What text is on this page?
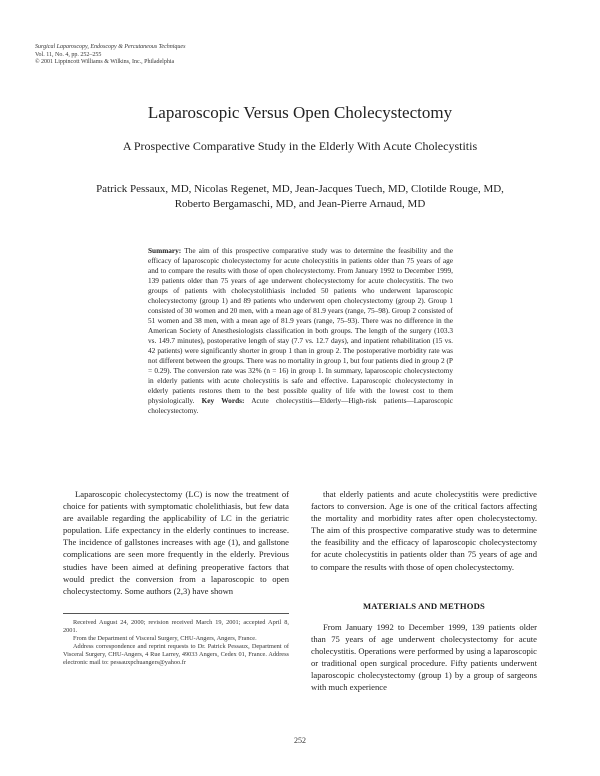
Surgical Laparoscopy, Endoscopy & Percutaneous Techniques
Vol. 11, No. 4, pp. 252–255
© 2001 Lippincott Williams & Wilkins, Inc., Philadelphia
Laparoscopic Versus Open Cholecystectomy
A Prospective Comparative Study in the Elderly With Acute Cholecystitis
Patrick Pessaux, MD, Nicolas Regenet, MD, Jean-Jacques Tuech, MD, Clotilde Rouge, MD,
Roberto Bergamaschi, MD, and Jean-Pierre Arnaud, MD
Summary: The aim of this prospective comparative study was to determine the feasibility and the efficacy of laparoscopic cholecystectomy for acute cholecystitis in patients older than 75 years of age and to compare the results with those of open cholecystectomy. From January 1992 to December 1999, 139 patients older than 75 years of age underwent cholecystectomy for acute cholecystitis. The two groups of patients with cholecystolithiasis included 50 patients who underwent laparoscopic cholecystectomy (group 1) and 89 patients who underwent open cholecystectomy (group 2). Group 1 consisted of 30 women and 20 men, with a mean age of 81.9 years (range, 75–98). Group 2 consisted of 51 women and 38 men, with a mean age of 81.9 years (range, 75–93). There was no difference in the American Society of Anesthesiologists classification in both groups. The length of the surgery (103.3 vs. 149.7 minutes), postoperative length of stay (7.7 vs. 12.7 days), and inpatient rehabilitation (15 vs. 42 patients) were significantly shorter in group 1 than in group 2. The postoperative morbidity rate was not different between the groups. There was no mortality in group 1, but four patients died in group 2 (P = 0.29). The conversion rate was 32% (n = 16) in group 1. In summary, laparoscopic cholecystectomy in elderly patients with acute cholecystitis is safe and effective. Laparoscopic cholecystectomy in elderly patients restores them to the best possible quality of life with the lowest cost to them physiologically. Key Words: Acute cholecystitis—Elderly—High-risk patients—Laparoscopic cholecystectomy.

Laparoscopic cholecystectomy (LC) is now the treatment of choice for patients with symptomatic cholelithiasis, but few data are available regarding the applicability of LC in the geriatric population. Life expectancy in the elderly continues to increase. The incidence of gallstones increases with age (1), and gallstone complications are seen more frequently in the elderly. Previous studies have been aimed at defining preoperative factors that would predict the conversion from a laparoscopic to open cholecystectomy. Some authors (2,3) have shown

that elderly patients and acute cholecystitis were predictive factors to conversion. Age is one of the critical factors affecting the mortality and morbidity rates after open cholecystectomy. The aim of this prospective comparative study was to determine the feasibility and the efficacy of laparoscopic cholecystectomy for acute cholecystitis in patients older than 75 years of age and to compare the results with those of open cholecystectomy.

MATERIALS AND METHODS

From January 1992 to December 1999, 139 patients older than 75 years of age underwent cholecystectomy for acute cholecystitis. Operations were performed by using a laparoscopic or traditional open surgical procedure. Fifty patients underwent laparoscopic cholecystectomy (group 1) by a group of sargeons with much experience

Received August 24, 2000; revision received March 19, 2001; accepted April 8, 2001.

From the Department of Visceral Surgery, CHU-Angers, Angers, France.

Address correspondence and reprint requests to Dr. Patrick Pessaux, Department of Visceral Surgery, CHU-Angers, 4 Rue Larrey, 49033 Angers, Cedex 01, France. Address electronic mail to: pessauxpchuangers@yahoo.fr

252
